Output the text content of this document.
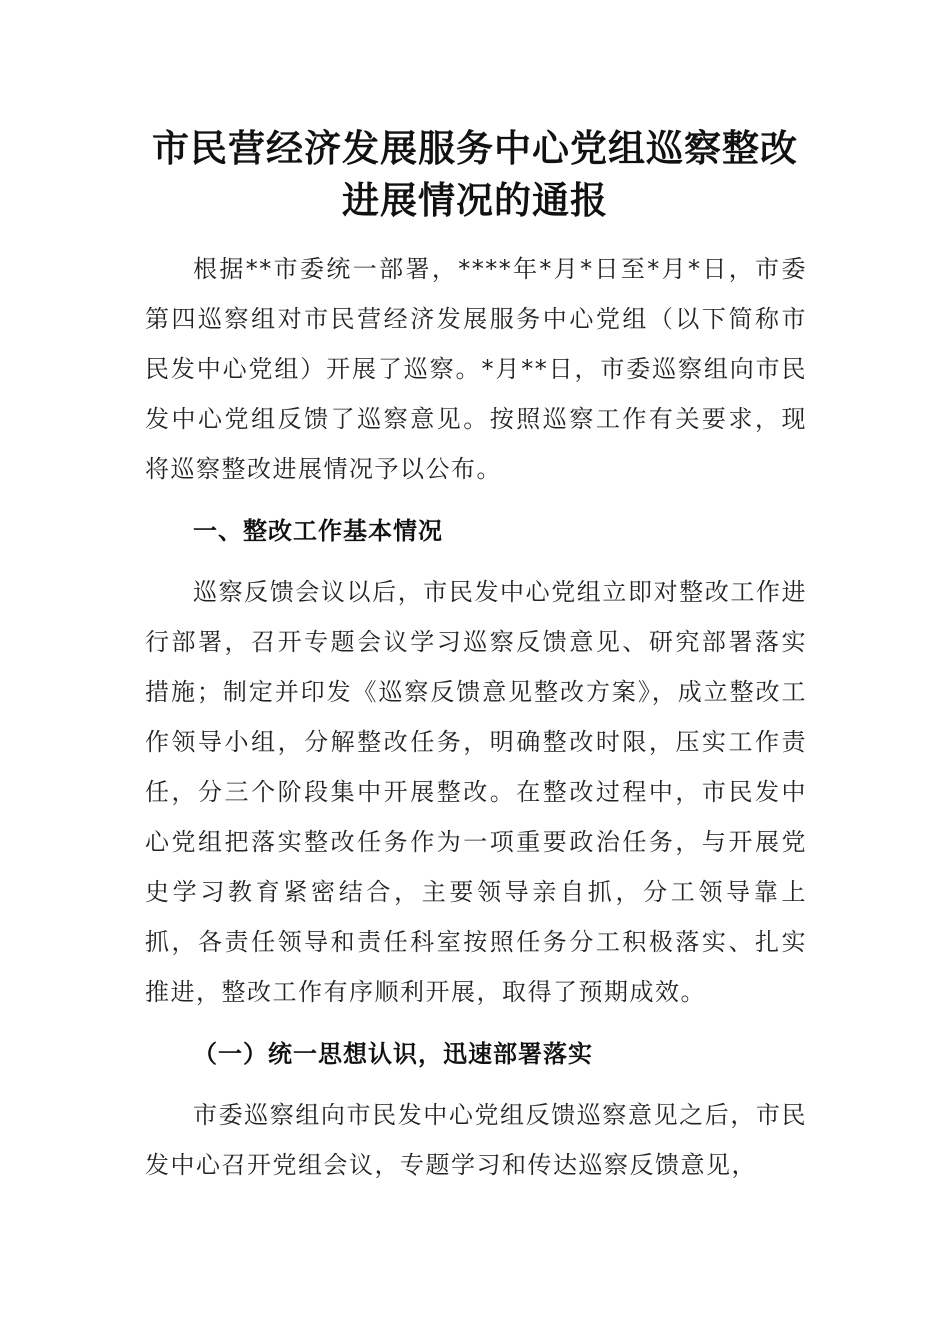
市民营经济发展服务中心党组巡察整改进展情况的通报

根据**市委统一部署，****年*月*日至*月*日，市委第四巡察组对市民营经济发展服务中心党组（以下简称市民发中心党组）开展了巡察。*月**日，市委巡察组向市民发中心党组反馈了巡察意见。按照巡察工作有关要求，现将巡察整改进展情况予以公布。

一、整改工作基本情况

巡察反馈会议以后，市民发中心党组立即对整改工作进行部署，召开专题会议学习巡察反馈意见、研究部署落实措施；制定并印发《巡察反馈意见整改方案》，成立整改工作领导小组，分解整改任务，明确整改时限，压实工作责任，分三个阶段集中开展整改。在整改过程中，市民发中心党组把落实整改任务作为一项重要政治任务，与开展党史学习教育紧密结合，主要领导亲自抓，分工领导靠上抓，各责任领导和责任科室按照任务分工积极落实、扎实推进，整改工作有序顺利开展，取得了预期成效。

（一）统一思想认识，迅速部署落实

市委巡察组向市民发中心党组反馈巡察意见之后，市民发中心召开党组会议，专题学习和传达巡察反馈意见，
